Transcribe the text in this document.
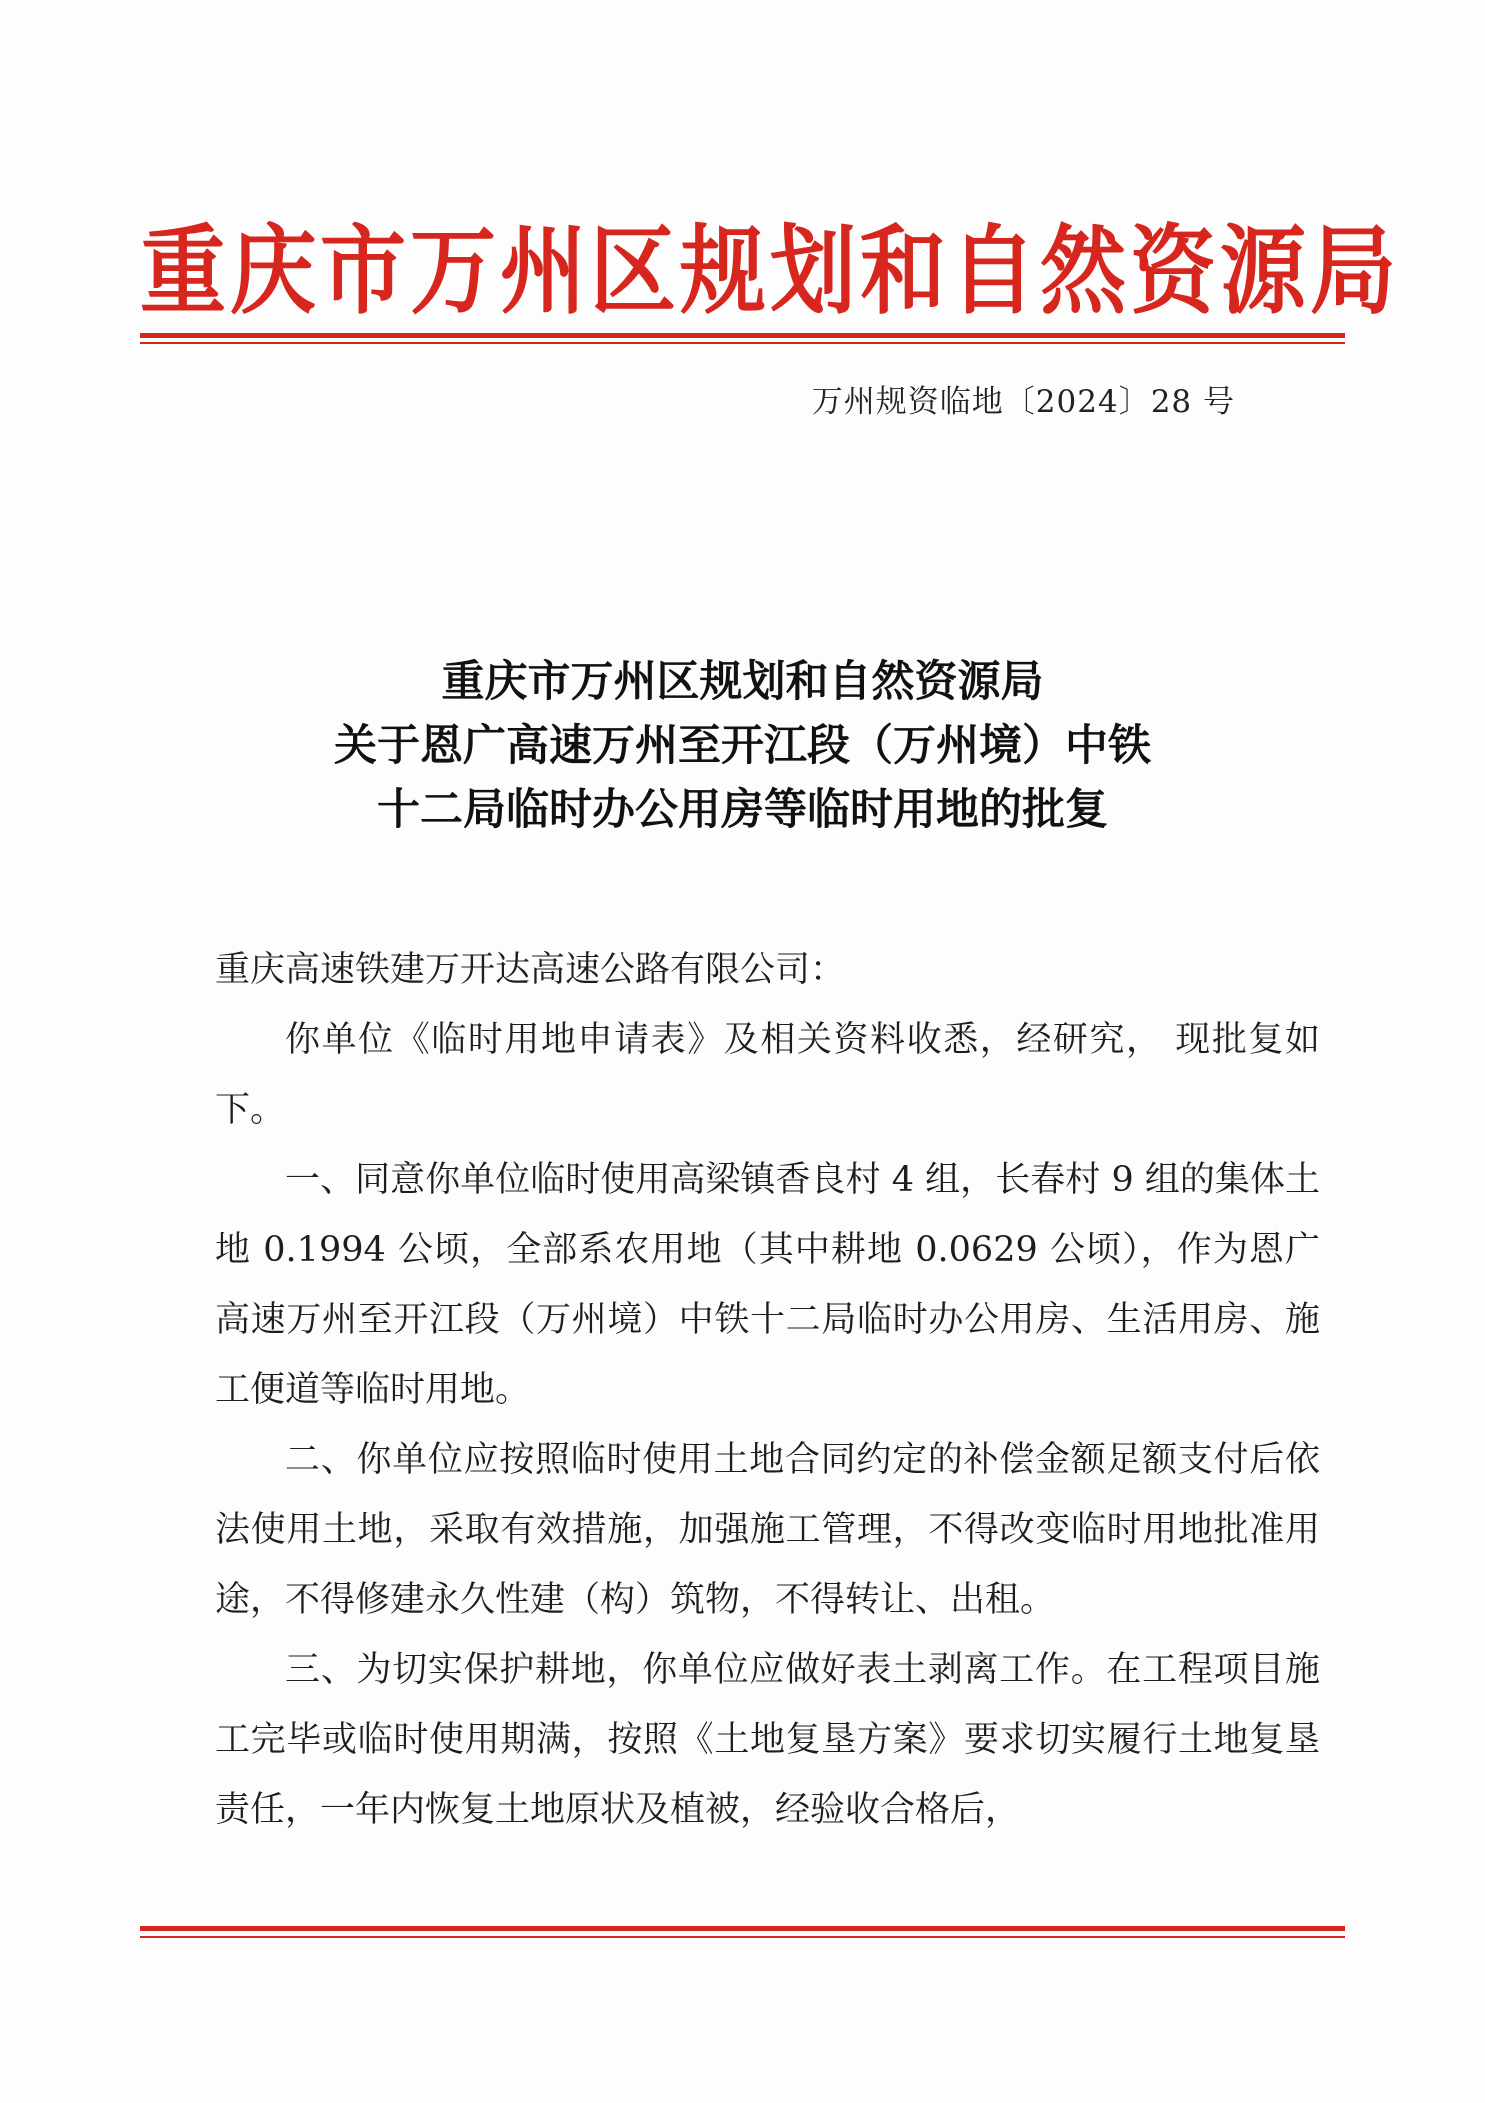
重庆市万州区规划和自然资源局
万州规资临地〔2024〕28 号
重庆市万州区规划和自然资源局
关于恩广高速万州至开江段（万州境）中铁
十二局临时办公用房等临时用地的批复
重庆高速铁建万开达高速公路有限公司：

你单位《临时用地申请表》及相关资料收悉，经研究， 现批复如下。

一、同意你单位临时使用高梁镇香良村 4 组，长春村 9 组的集体土地 0.1994 公顷，全部系农用地（其中耕地 0.0629 公顷），作为恩广高速万州至开江段（万州境）中铁十二局临时办公用房、生活用房、施工便道等临时用地。

二、你单位应按照临时使用土地合同约定的补偿金额足额支付后依法使用土地，采取有效措施，加强施工管理，不得改变临时用地批准用途，不得修建永久性建（构）筑物，不得转让、出租。

三、为切实保护耕地，你单位应做好表土剥离工作。在工程项目施工完毕或临时使用期满，按照《土地复垦方案》要求切实履行土地复垦责任，一年内恢复土地原状及植被，经验收合格后，
